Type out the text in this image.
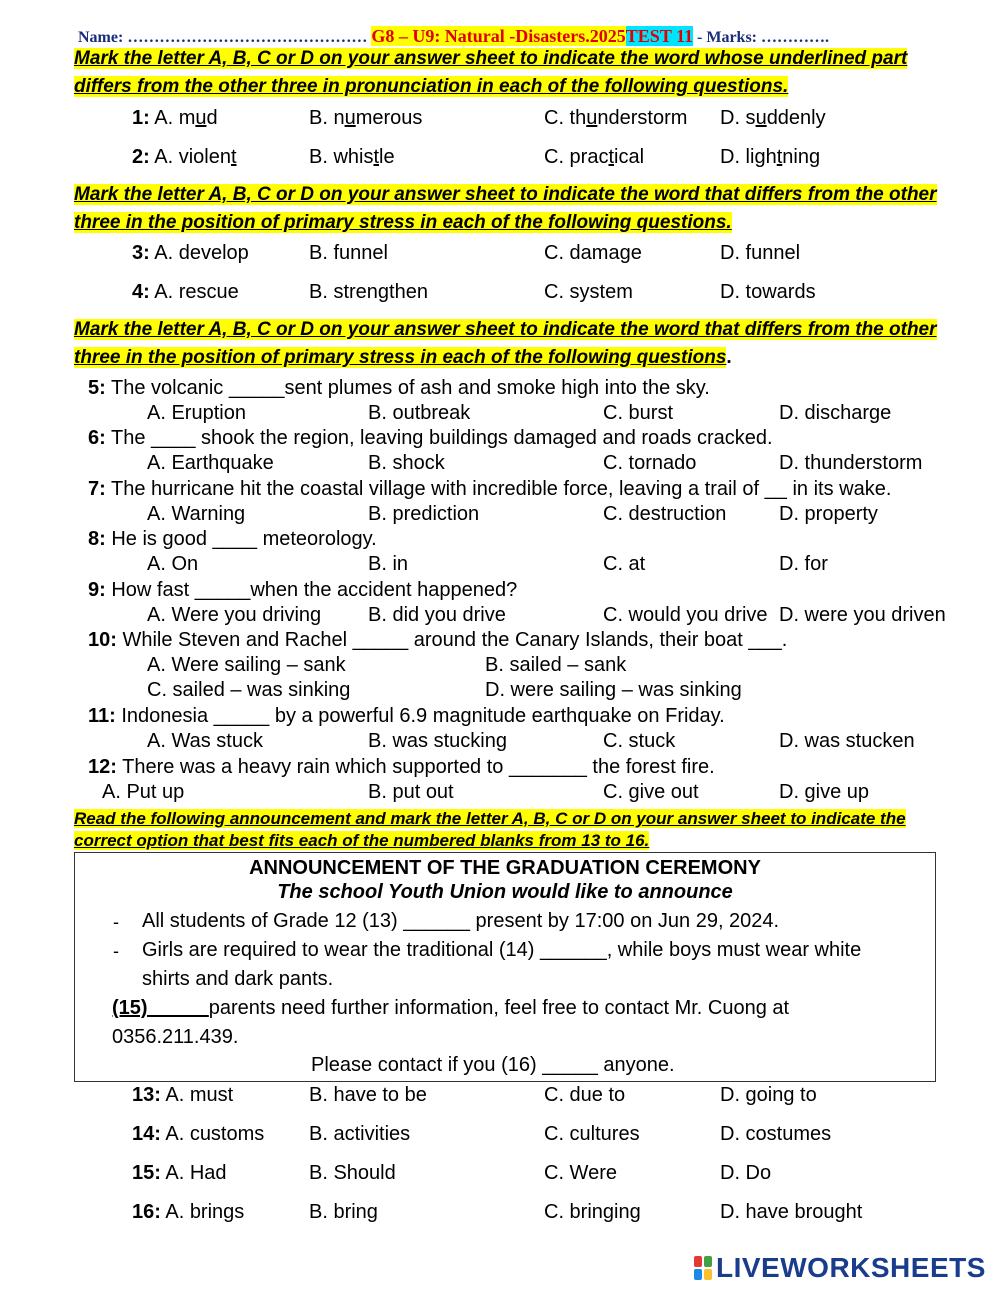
Name: ……………………………………… G8 – U9: Natural -Disasters.2025TEST 11 - Marks: ………….
Mark the letter A, B, C or D on your answer sheet to indicate the word whose underlined part differs from the other three in pronunciation in each of the following questions.
1: A. mud	B. numerous	C. thunderstorm D. suddenly
2: A. violent	B. whistle	C. practical	D. lightning
Mark the letter A, B, C or D on your answer sheet to indicate the word that differs from the other three in the position of primary stress in each of the following questions.
3: A. develop	B. funnel	C. damage	D. funnel
4: A. rescue	B. strengthen	C. system	D. towards
Mark the letter A, B, C or D on your answer sheet to indicate the word that differs from the other three in the position of primary stress in each of the following questions.
5: The volcanic _____sent plumes of ash and smoke high into the sky.
A. Eruption	B. outbreak	C. burst	D. discharge
6: The ____ shook the region, leaving buildings damaged and roads cracked.
A. Earthquake	B. shock	C. tornado	D. thunderstorm
7: The hurricane hit the coastal village with incredible force, leaving a trail of __ in its wake.
A. Warning	B. prediction	C. destruction	D. property
8: He is good ____ meteorology.
A. On	B. in	C. at	D. for
9: How fast _____when the accident happened?
A. Were you driving B. did you drive	C. would you drive D. were you driven
10: While Steven and Rachel _____ around the Canary Islands, their boat ___.
A. Were sailing – sank	B. sailed – sank
C. sailed – was sinking	D. were sailing – was sinking
11: Indonesia _____ by a powerful 6.9 magnitude earthquake on Friday.
A. Was stuck	B. was stucking	C. stuck	D. was stucken
12: There was a heavy rain which supported to _______ the forest fire.
A. Put up	B. put out	C. give out	D. give up
Read the following announcement and mark the letter A, B, C or D on your answer sheet to indicate the correct option that best fits each of the numbered blanks from 13 to 16.
ANNOUNCEMENT OF THE GRADUATION CEREMONY
The school Youth Union would like to announce
- All students of Grade 12 (13) ______ present by 17:00 on Jun 29, 2024.
- Girls are required to wear the traditional (14) ______, while boys must wear white
shirts and dark pants.
(15) _____parents need further information, feel free to contact Mr. Cuong at
0356.211.439.
Please contact if you (16) _____ anyone.
13: A. must	B. have to be	C. due to	D. going to
14: A. customs B. activities	C. cultures	D. costumes
15: A. Had	B. Should	C. Were	D. Do
16: A. brings	B. bring	C. bringing	D. have brought
LIVEWORKSHEETS
